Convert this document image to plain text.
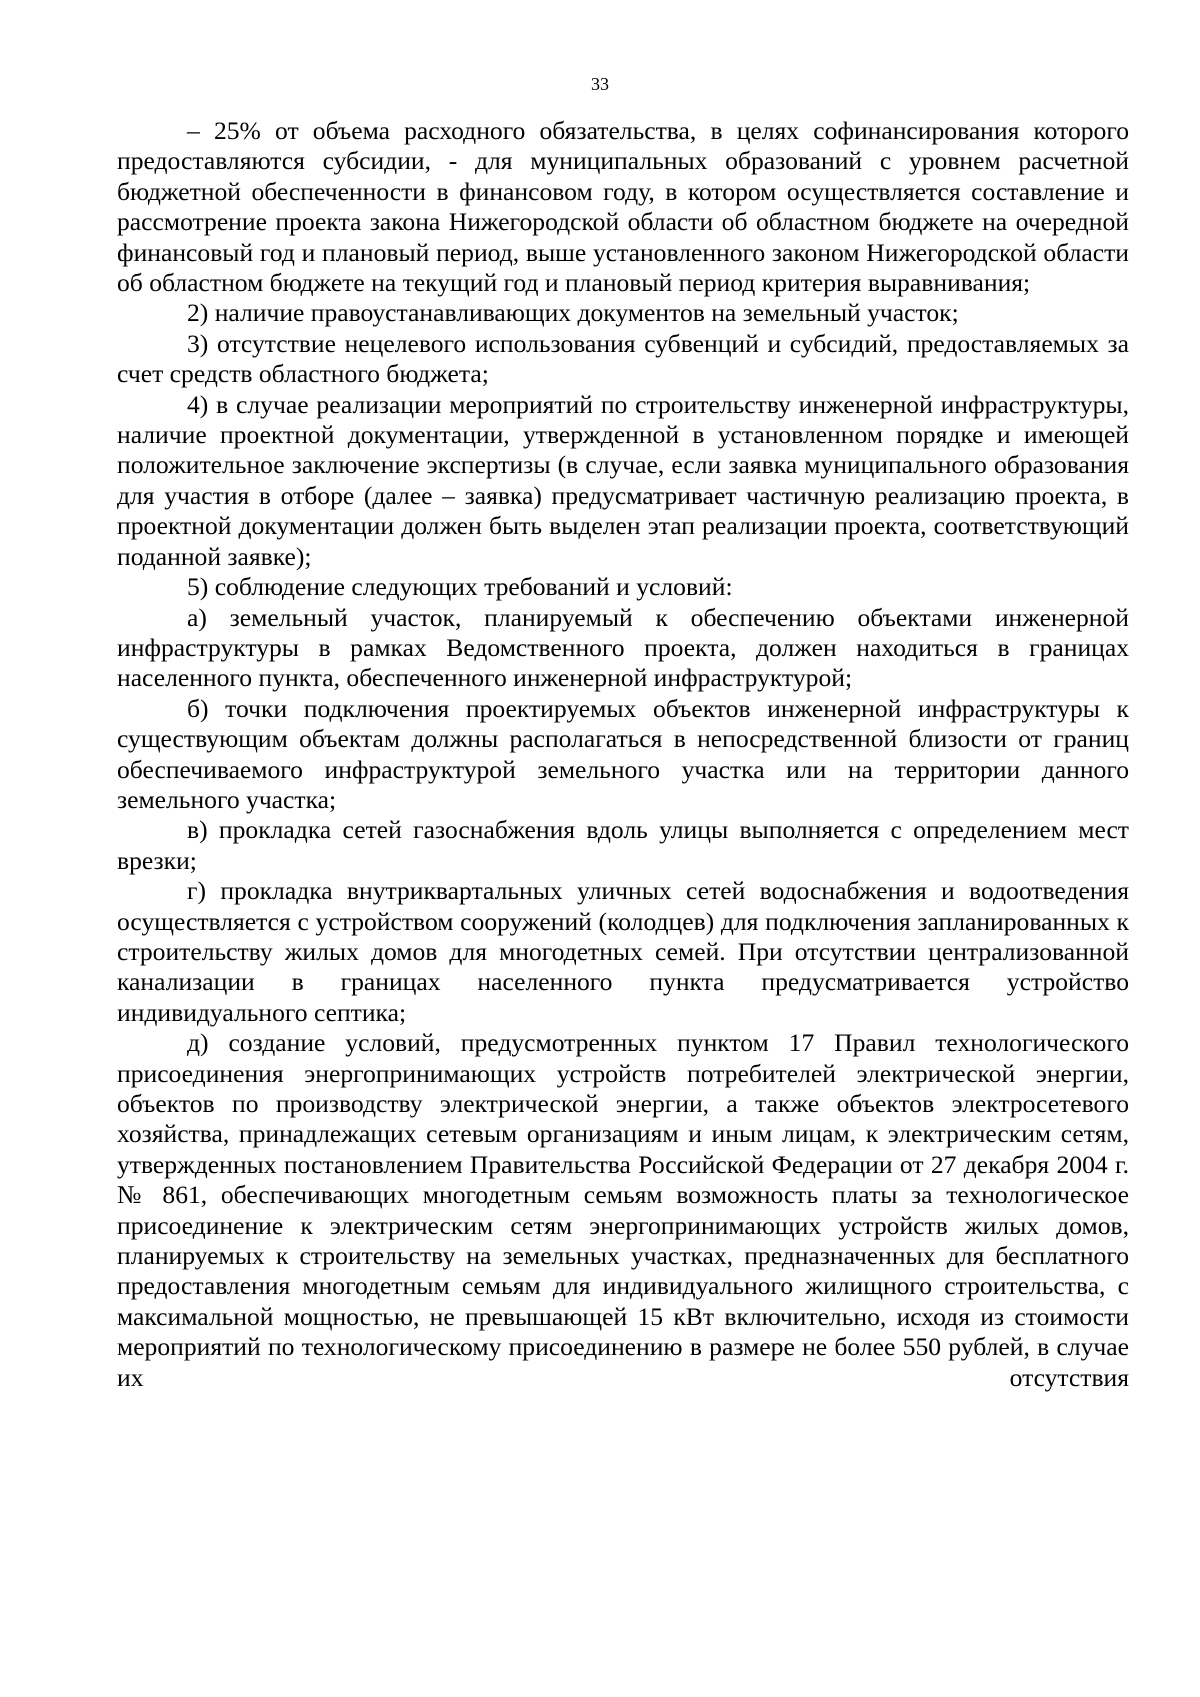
33

– 25% от объема расходного обязательства, в целях софинансирования которого предоставляются субсидии, - для муниципальных образований с уровнем расчетной бюджетной обеспеченности в финансовом году, в котором осуществляется составление и рассмотрение проекта закона Нижегородской области об областном бюджете на очередной финансовый год и плановый период, выше установленного законом Нижегородской области об областном бюджете на текущий год и плановый период критерия выравнивания;

2) наличие правоустанавливающих документов на земельный участок;

3) отсутствие нецелевого использования субвенций и субсидий, предоставляемых за счет средств областного бюджета;

4) в случае реализации мероприятий по строительству инженерной инфраструктуры, наличие проектной документации, утвержденной в установленном порядке и имеющей положительное заключение экспертизы (в случае, если заявка муниципального образования для участия в отборе (далее – заявка) предусматривает частичную реализацию проекта, в проектной документации должен быть выделен этап реализации проекта, соответствующий поданной заявке);

5) соблюдение следующих требований и условий:

а) земельный участок, планируемый к обеспечению объектами инженерной инфраструктуры в рамках Ведомственного проекта, должен находиться в границах населенного пункта, обеспеченного инженерной инфраструктурой;

б) точки подключения проектируемых объектов инженерной инфраструктуры к существующим объектам должны располагаться в непосредственной близости от границ обеспечиваемого инфраструктурой земельного участка или на территории данного земельного участка;

в) прокладка сетей газоснабжения вдоль улицы выполняется с определением мест врезки;

г) прокладка внутриквартальных уличных сетей водоснабжения и водоотведения осуществляется с устройством сооружений (колодцев) для подключения запланированных к строительству жилых домов для многодетных семей. При отсутствии централизованной канализации в границах населенного пункта предусматривается устройство индивидуального септика;

д) создание условий, предусмотренных пунктом 17 Правил технологического присоединения энергопринимающих устройств потребителей электрической энергии, объектов по производству электрической энергии, а также объектов электросетевого хозяйства, принадлежащих сетевым организациям и иным лицам, к электрическим сетям, утвержденных постановлением Правительства Российской Федерации от 27 декабря 2004 г. № 861, обеспечивающих многодетным семьям возможность платы за технологическое присоединение к электрическим сетям энергопринимающих устройств жилых домов, планируемых к строительству на земельных участках, предназначенных для бесплатного предоставления многодетным семьям для индивидуального жилищного строительства, с максимальной мощностью, не превышающей 15 кВт включительно, исходя из стоимости мероприятий по технологическому присоединению в размере не более 550 рублей, в случае их отсутствия
